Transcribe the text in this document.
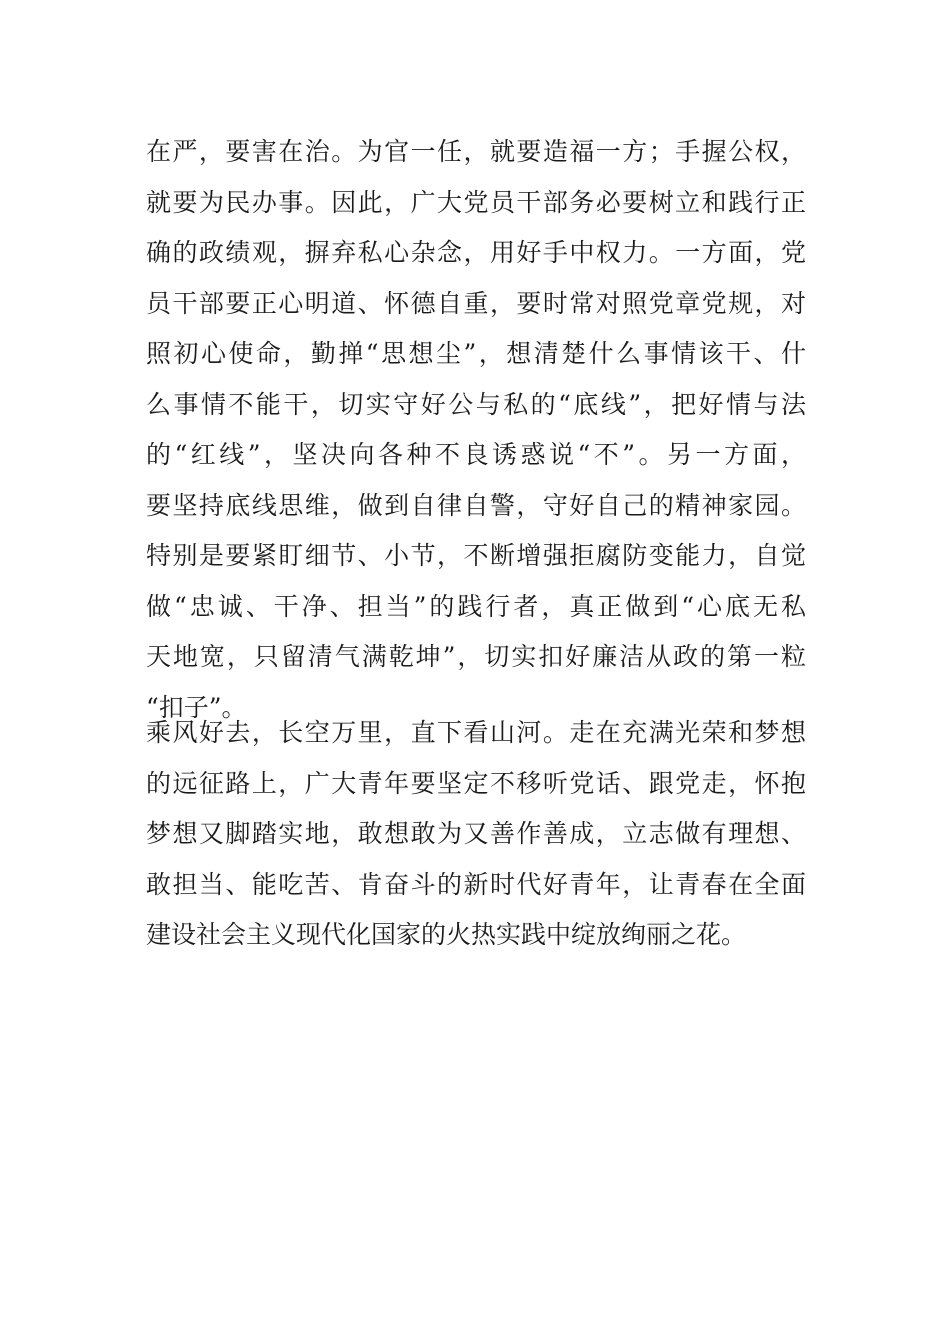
在严，要害在治。为官一任，就要造福一方；手握公权，
就要为民办事。因此，广大党员干部务必要树立和践行正
确的政绩观，摒弃私心杂念，用好手中权力。一方面，党
员干部要正心明道、怀德自重，要时常对照党章党规，对
照初心使命，勤掸“思想尘”，想清楚什么事情该干、什
么事情不能干，切实守好公与私的“底线”，把好情与法
的“红线”，坚决向各种不良诱惑说“不”。另一方面，
要坚持底线思维，做到自律自警，守好自己的精神家园。
特别是要紧盯细节、小节，不断增强拒腐防变能力，自觉
做“忠诚、干净、担当”的践行者，真正做到“心底无私
天地宽，只留清气满乾坤”，切实扣好廉洁从政的第一粒
“扣子”。
乘风好去，长空万里，直下看山河。走在充满光荣和梦想
的远征路上，广大青年要坚定不移听党话、跟党走，怀抱
梦想又脚踏实地，敢想敢为又善作善成，立志做有理想、
敢担当、能吃苦、肯奋斗的新时代好青年，让青春在全面
建设社会主义现代化国家的火热实践中绽放绚丽之花。
